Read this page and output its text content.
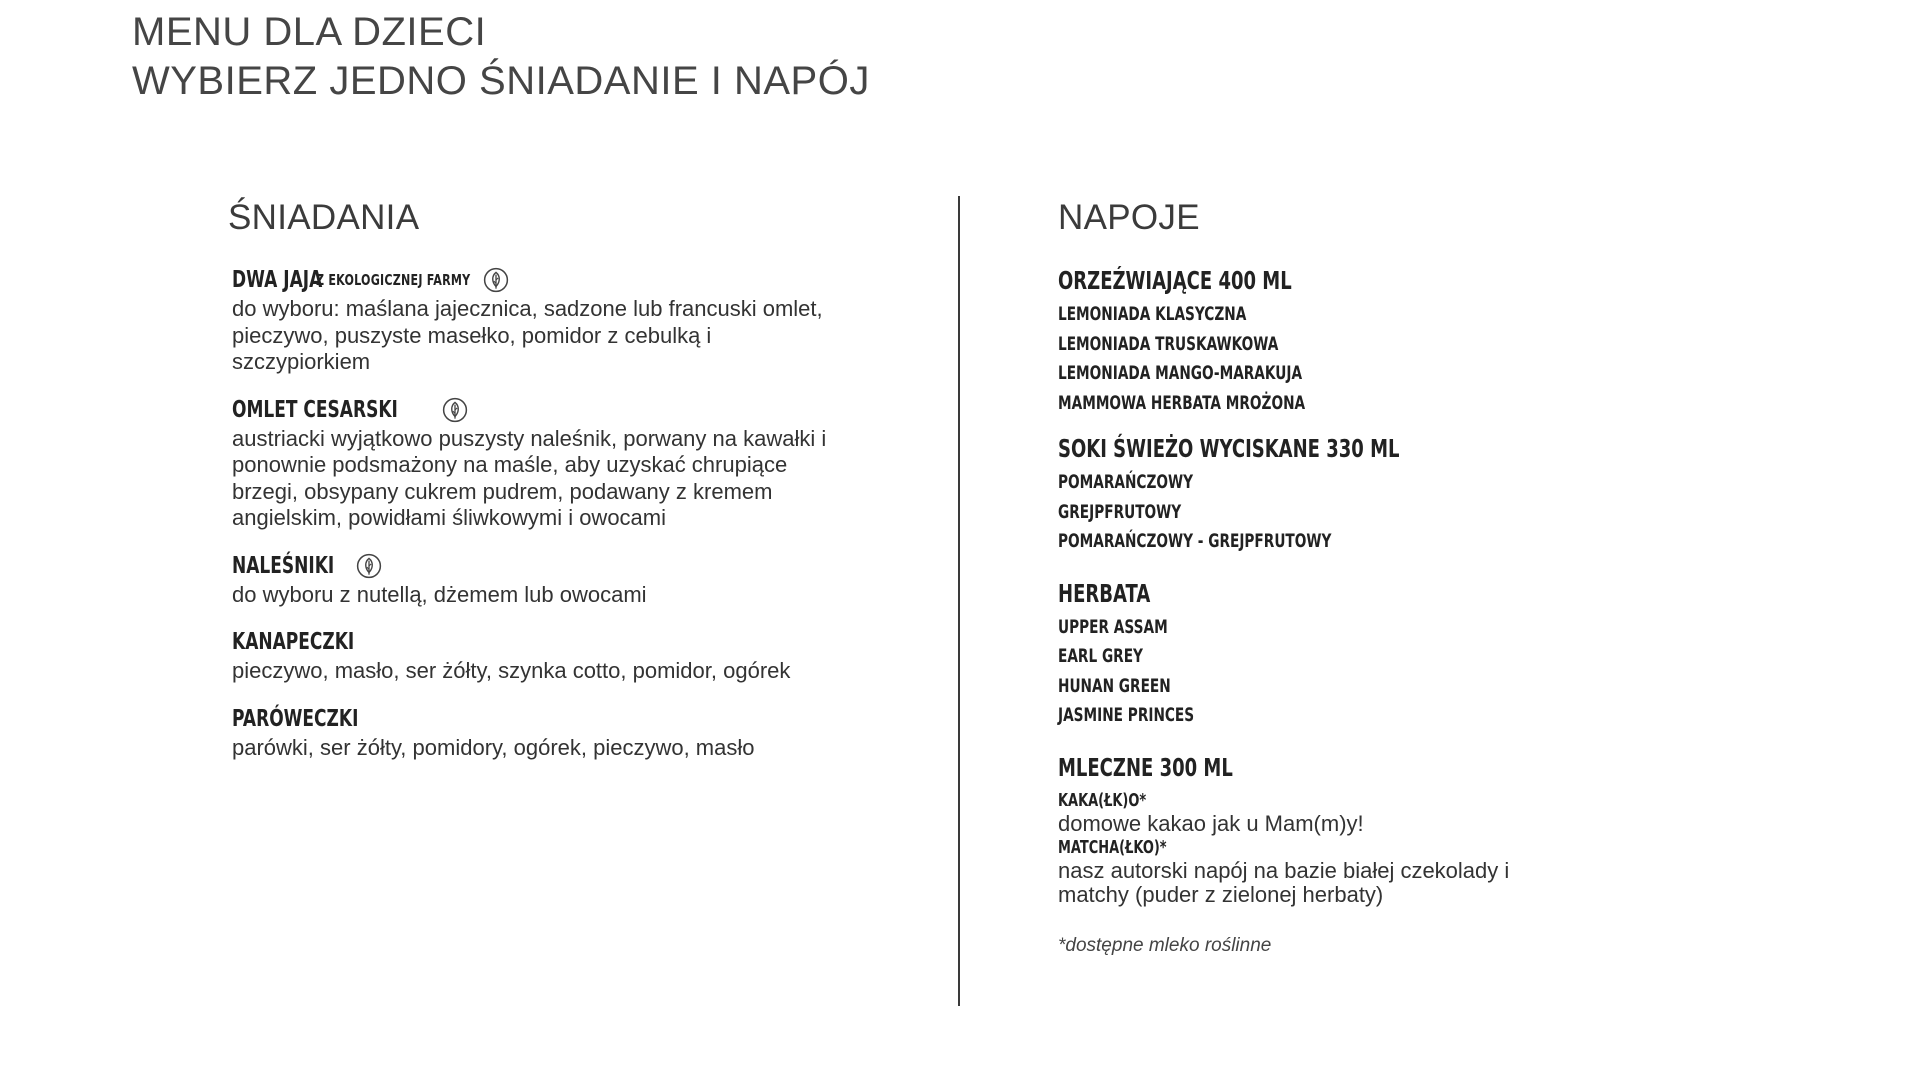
MENU DLA DZIECI
WYBIERZ JEDNO ŚNIADANIE I NAPÓJ
ŚNIADANIA
DWA JAJA
Z EKOLOGICZNEJ FARMY
do wyboru: maślana jajecznica, sadzone lub francuski omlet, pieczywo, puszyste masełko, pomidor z cebulką i szczypiorkiem
OMLET CESARSKI
austriacki wyjątkowo puszysty naleśnik, porwany na kawałki i ponownie podsmażony na maśle, aby uzyskać chrupiące brzegi, obsypany cukrem pudrem, podawany z kremem angielskim, powidłami śliwkowymi i owocami
NALEŚNIKI
do wyboru z nutellą, dżemem lub owocami
KANAPECZKI
pieczywo, masło, ser żółty, szynka cotto, pomidor, ogórek
PARÓWECZKI
parówki, ser żółty, pomidory, ogórek, pieczywo, masło
NAPOJE
ORZEŹWIAJĄCE 400 ML
LEMONIADA KLASYCZNA
LEMONIADA TRUSKAWKOWA
LEMONIADA MANGO-MARAKUJA
MAMMOWA HERBATA MROŻONA
SOKI ŚWIEŻO WYCISKANE 330 ML
POMARAŃCZOWY
GREJPFRUTOWY
POMARAŃCZOWY - GREJPFRUTOWY
HERBATA
UPPER ASSAM
EARL GREY
HUNAN GREEN
JASMINE PRINCES
MLECZNE 300 ML
KAKA(ŁK)O*
domowe kakao jak u Mam(m)y!
MATCHA(ŁKO)*
nasz autorski napój na bazie białej czekolady i matchy (puder z zielonej herbaty)
*dostępne mleko roślinne
